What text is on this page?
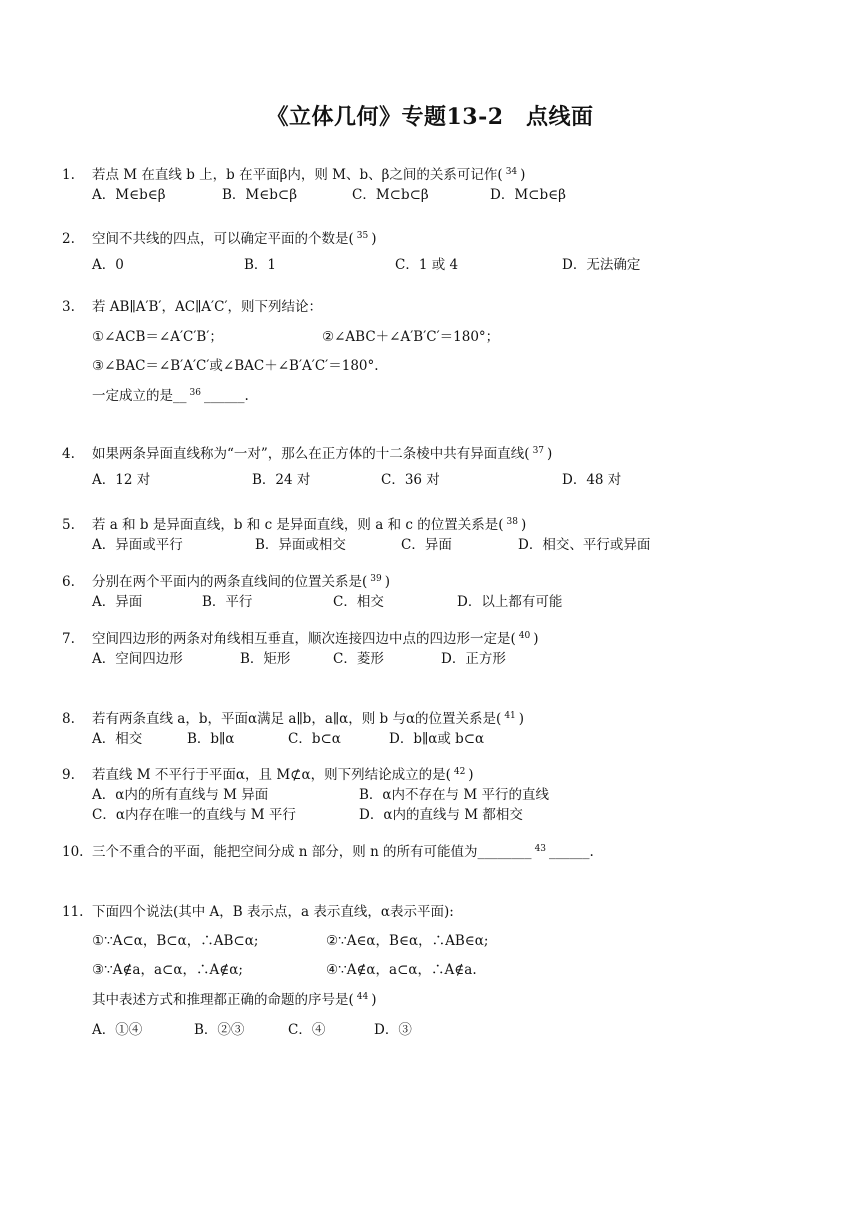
《立体几何》专题13-2　点线面
1. 若点 M 在直线 b 上，b 在平面β内，则 M、b、β之间的关系可记作( $^{34}$ )
A．M∈b∈β	B．M∈b⊂β	C．M⊂b⊂β	D．M⊂b∈β
2. 空间不共线的四点，可以确定平面的个数是( $^{35}$ )
A．0	B．1	C．1 或 4	D．无法确定
3. 若 AB∥A′B′，AC∥A′C′，则下列结论：
①∠ACB＝∠A′C′B′；	②∠ABC＋∠A′B′C′＝180°；
③∠BAC＝∠B′A′C′或∠BAC＋∠B′A′C′＝180°.
一定成立的是__ $^{36}$ ______.
4. 如果两条异面直线称为“一对”，那么在正方体的十二条棱中共有异面直线( $^{37}$ )
A．12 对	B．24 对	C．36 对	D．48 对
5. 若 a 和 b 是异面直线，b 和 c 是异面直线，则 a 和 c 的位置关系是( $^{38}$ )
A．异面或平行	B．异面或相交	C．异面	D．相交、平行或异面
6. 分别在两个平面内的两条直线间的位置关系是( $^{39}$ )
A．异面	B．平行	C．相交	D．以上都有可能
7. 空间四边形的两条对角线相互垂直，顺次连接四边中点的四边形一定是( $^{40}$ )
A．空间四边形	B．矩形	C．菱形	D．正方形
8. 若有两条直线 a，b，平面α满足 a∥b，a∥α，则 b 与α的位置关系是( $^{41}$ )
A．相交	B．b∥α	C．b⊂α	D．b∥α或 b⊂α
9. 若直线 M 不平行于平面α，且 M⊄α，则下列结论成立的是( $^{42}$ )
A．α内的所有直线与 M 异面	B．α内不存在与 M 平行的直线
C．α内存在唯一的直线与 M 平行	D．α内的直线与 M 都相交
10. 三个不重合的平面，能把空间分成 n 部分，则 n 的所有可能值为________ $^{43}$ ______.
11. 下面四个说法(其中 A，B 表示点，a 表示直线，α表示平面):
①∵A⊂α，B⊂α，∴AB⊂α;	②∵A∈α，B∈α，∴AB∈α;
③∵A∉a，a⊂α，∴A∉α;	④∵A∉α，a⊂α，∴A∉a.
其中表述方式和推理都正确的命题的序号是( $^{44}$ )
A．①④	B．②③	C．④	D．③
